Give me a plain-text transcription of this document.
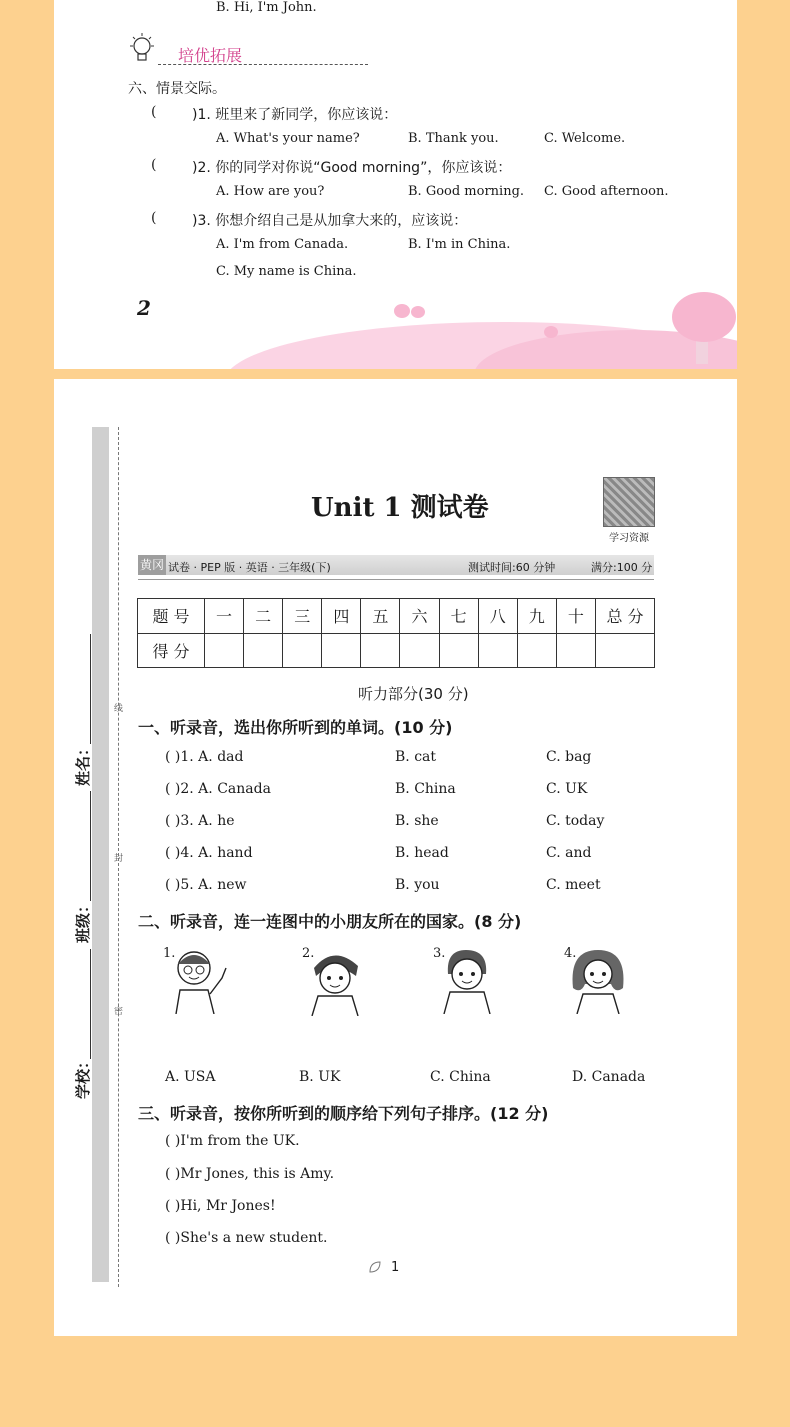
B. Hi, I'm John.
培优拓展
六、情景交际。
(	)1. 班里来了新同学，你应该说：
A. What's your name?	B. Thank you.	C. Welcome.
(	)2. 你的同学对你说“Good morning”，你应该说：
A. How are you?	B. Good morning. C. Good afternoon.
(	)3. 你想介绍自己是从加拿大来的，应该说：
A. I'm from Canada.	B. I'm in China.
C. My name is China.
2
线
封
密
姓名：
班级：
学校：
Unit 1 测试卷
学习资源
黄冈 试卷 · PEP 版 · 英语 · 三年级(下)	测试时间:60 分钟	满分:100 分
题 号	一	二	三	四	五	六	七	八	九	十	总 分
得 分											
听力部分(30 分)
一、听录音，选出你所听到的单词。(10 分)
( )1. A. dad	B. cat	C. bag
( )2. A. Canada	B. China	C. UK
( )3. A. he	B. she	C. today
( )4. A. hand	B. head	C. and
( )5. A. new	B. you	C. meet
二、听录音，连一连图中的小朋友所在的国家。(8 分)
1.	2.	3.	4.
A. USA	B. UK	C. China	D. Canada
三、听录音，按你所听到的顺序给下列句子排序。(12 分)
( )I'm from the UK.
( )Mr Jones, this is Amy.
( )Hi, Mr Jones!
( )She's a new student.
1
